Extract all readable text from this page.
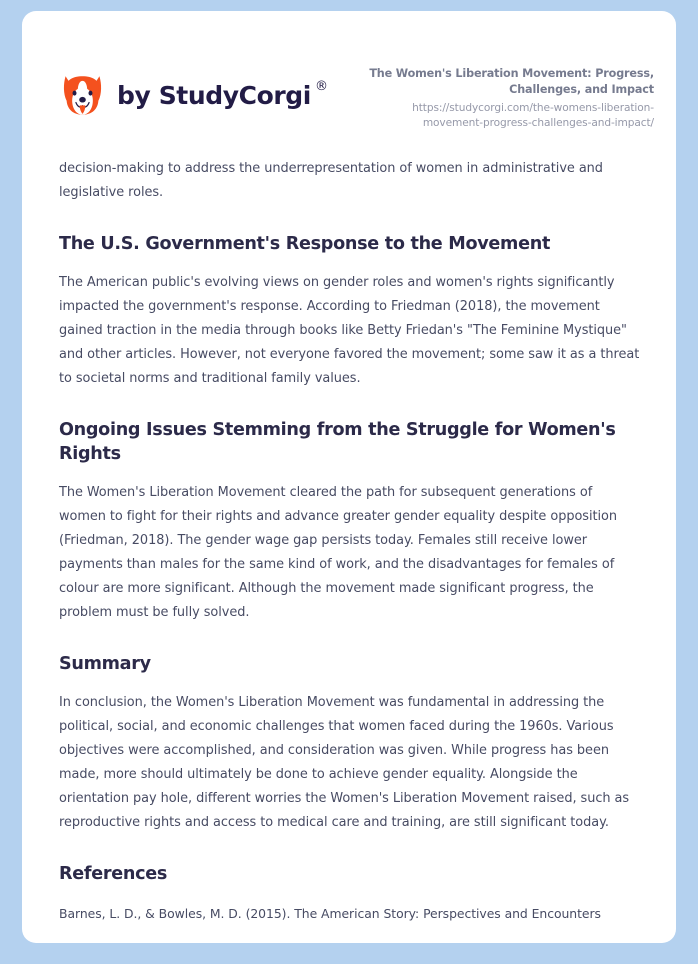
by StudyCorgi ®
The Women's Liberation Movement: Progress, Challenges, and Impact
https://studycorgi.com/the-womens-liberation-movement-progress-challenges-and-impact/

decision-making to address the underrepresentation of women in administrative and legislative roles.

The U.S. Government's Response to the Movement

The American public's evolving views on gender roles and women's rights significantly impacted the government's response. According to Friedman (2018), the movement gained traction in the media through books like Betty Friedan's "The Feminine Mystique" and other articles. However, not everyone favored the movement; some saw it as a threat to societal norms and traditional family values.

Ongoing Issues Stemming from the Struggle for Women's Rights

The Women's Liberation Movement cleared the path for subsequent generations of women to fight for their rights and advance greater gender equality despite opposition (Friedman, 2018). The gender wage gap persists today. Females still receive lower payments than males for the same kind of work, and the disadvantages for females of colour are more significant. Although the movement made significant progress, the problem must be fully solved.

Summary

In conclusion, the Women's Liberation Movement was fundamental in addressing the political, social, and economic challenges that women faced during the 1960s. Various objectives were accomplished, and consideration was given. While progress has been made, more should ultimately be done to achieve gender equality. Alongside the orientation pay hole, different worries the Women's Liberation Movement raised, such as reproductive rights and access to medical care and training, are still significant today.

References
Barnes, L. D., & Bowles, M. D. (2015). The American Story: Perspectives and Encounters
